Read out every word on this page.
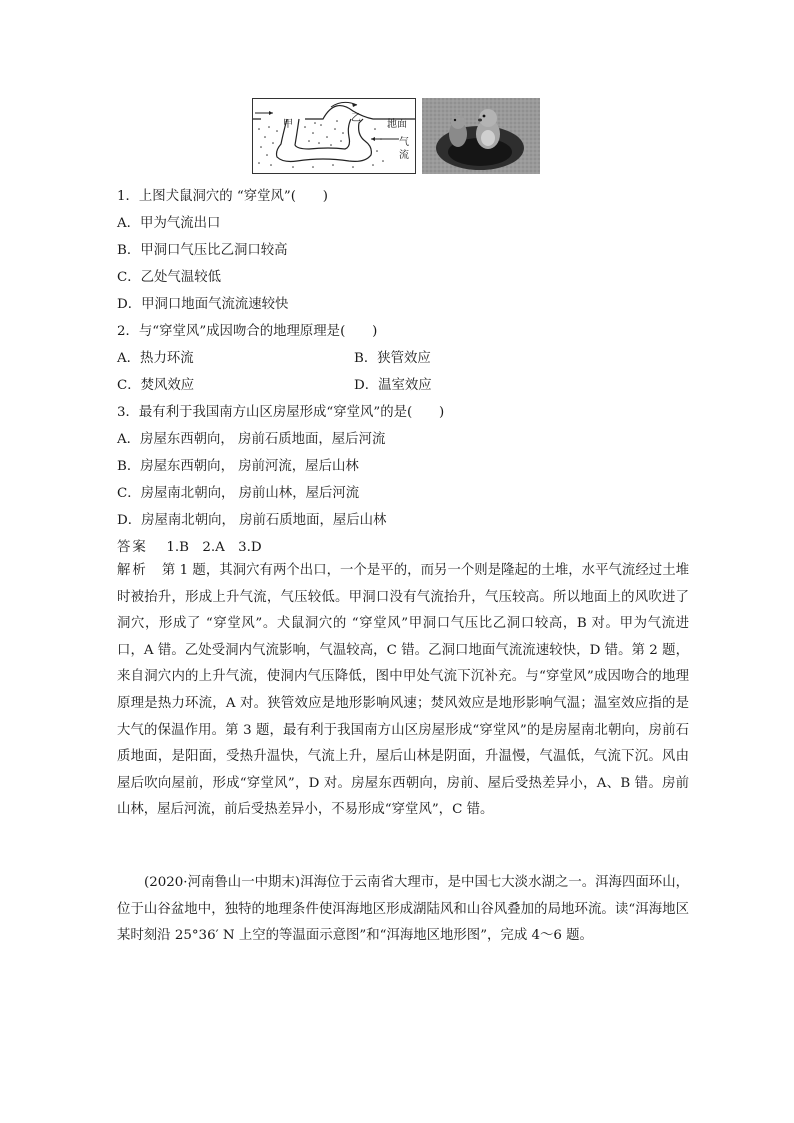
甲
乙
地面
气
流
1．上图犬鼠洞穴的 “穿堂风”(　　)
A．甲为气流出口
B．甲洞口气压比乙洞口较高
C．乙处气温较低
D．甲洞口地面气流流速较快
2．与“穿堂风”成因吻合的地理原理是(　　)
A．热力环流	B．狭管效应
C．焚风效应	D．温室效应
3．最有利于我国南方山区房屋形成“穿堂风”的是(　　)
A．房屋东西朝向， 房前石质地面，屋后河流
B．房屋东西朝向， 房前河流，屋后山林
C．房屋南北朝向， 房前山林，屋后河流
D．房屋南北朝向， 房前石质地面，屋后山林
答案 1.B　2.A　3.D
解析 第 1 题，其洞穴有两个出口，一个是平的，而另一个则是隆起的土堆，水平气流经过土堆时被抬升，形成上升气流，气压较低。甲洞口没有气流抬升，气压较高。所以地面上的风吹进了洞穴，形成了 “穿堂风”。犬鼠洞穴的 “穿堂风”甲洞口气压比乙洞口较高，B 对。甲为气流进口，A 错。乙处受洞内气流影响，气温较高，C 错。乙洞口地面气流流速较快，D 错。第 2 题，来自洞穴内的上升气流，使洞内气压降低，图中甲处气流下沉补充。与“穿堂风”成因吻合的地理原理是热力环流，A 对。狭管效应是地形影响风速；焚风效应是地形影响气温；温室效应指的是大气的保温作用。第 3 题，最有利于我国南方山区房屋形成“穿堂风”的是房屋南北朝向，房前石质地面，是阳面，受热升温快，气流上升，屋后山林是阴面，升温慢，气温低，气流下沉。风由屋后吹向屋前，形成“穿堂风”，D 对。房屋东西朝向，房前、屋后受热差异小，A、B 错。房前山林，屋后河流，前后受热差异小，不易形成“穿堂风”，C 错。
(2020·河南鲁山一中期末)洱海位于云南省大理市，是中国七大淡水湖之一。洱海四面环山，位于山谷盆地中，独特的地理条件使洱海地区形成湖陆风和山谷风叠加的局地环流。读“洱海地区某时刻沿 25°36′ N 上空的等温面示意图”和“洱海地区地形图”，完成 4～6 题。
